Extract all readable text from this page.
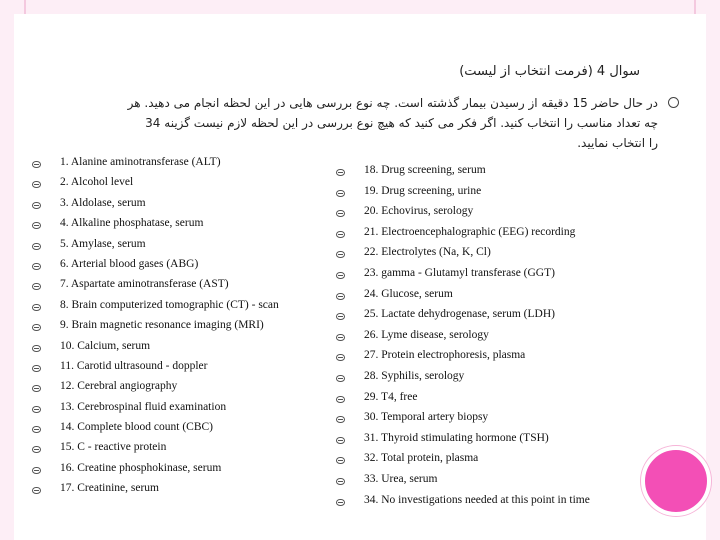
سوال 4 (فرمت انتخاب از لیست)
در حال حاضر 15 دقیقه از رسیدن بیمار گذشته است. چه نوع بررسی هایی در این لحظه انجام می دهید. هر
چه تعداد مناسب را انتخاب کنید. اگر فکر می کنید که هیچ نوع بررسی در این لحظه لازم نیست گزینه 34
را انتخاب نمایید.
1. Alanine aminotransferase (ALT)
2. Alcohol level
3. Aldolase, serum
4. Alkaline phosphatase, serum
5. Amylase, serum
6. Arterial blood gases (ABG)
7. Aspartate aminotransferase (AST)
8. Brain computerized tomographic (CT) - scan
9. Brain magnetic resonance imaging (MRI)
10. Calcium, serum
11. Carotid ultrasound - doppler
12. Cerebral angiography
13. Cerebrospinal fluid examination
14. Complete blood count (CBC)
15. C - reactive protein
16. Creatine phosphokinase, serum
17. Creatinine, serum
18. Drug screening, serum
19. Drug screening, urine
20. Echovirus, serology
21. Electroencephalographic (EEG) recording
22. Electrolytes (Na, K, Cl)
23. gamma - Glutamyl transferase (GGT)
24. Glucose, serum
25. Lactate dehydrogenase, serum (LDH)
26. Lyme disease, serology
27. Protein electrophoresis, plasma
28. Syphilis, serology
29. T4, free
30. Temporal artery biopsy
31. Thyroid stimulating hormone (TSH)
32. Total protein, plasma
33. Urea, serum
34. No investigations needed at this point in time
